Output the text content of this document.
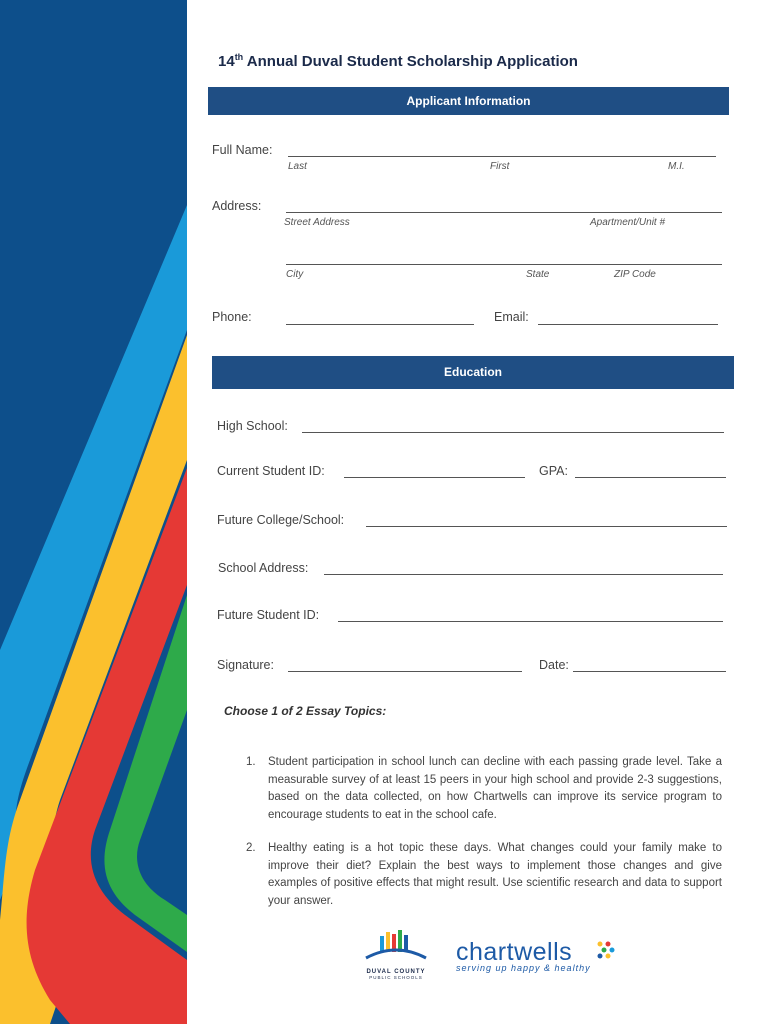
14th Annual Duval Student Scholarship Application
Applicant Information
Full Name:
Last	First	M.I.
Address:
Street Address	Apartment/Unit #
City	State	ZIP Code
Phone:	Email:
Education
High School:
Current Student ID:	GPA:
Future College/School:
School Address:
Future Student ID:
Signature:	Date:
Choose 1 of 2 Essay Topics:
1. Student participation in school lunch can decline with each passing grade level. Take a measurable survey of at least 15 peers in your high school and provide 2-3 suggestions, based on the data collected, on how Chartwells can improve its service program to encourage students to eat in the school cafe.
2. Healthy eating is a hot topic these days. What changes could your family make to improve their diet? Explain the best ways to implement those changes and give examples of positive effects that might result. Use scientific research and data to support your answer.
DUVAL COUNTY
PUBLIC SCHOOLS
chartwells
serving up happy & healthy
